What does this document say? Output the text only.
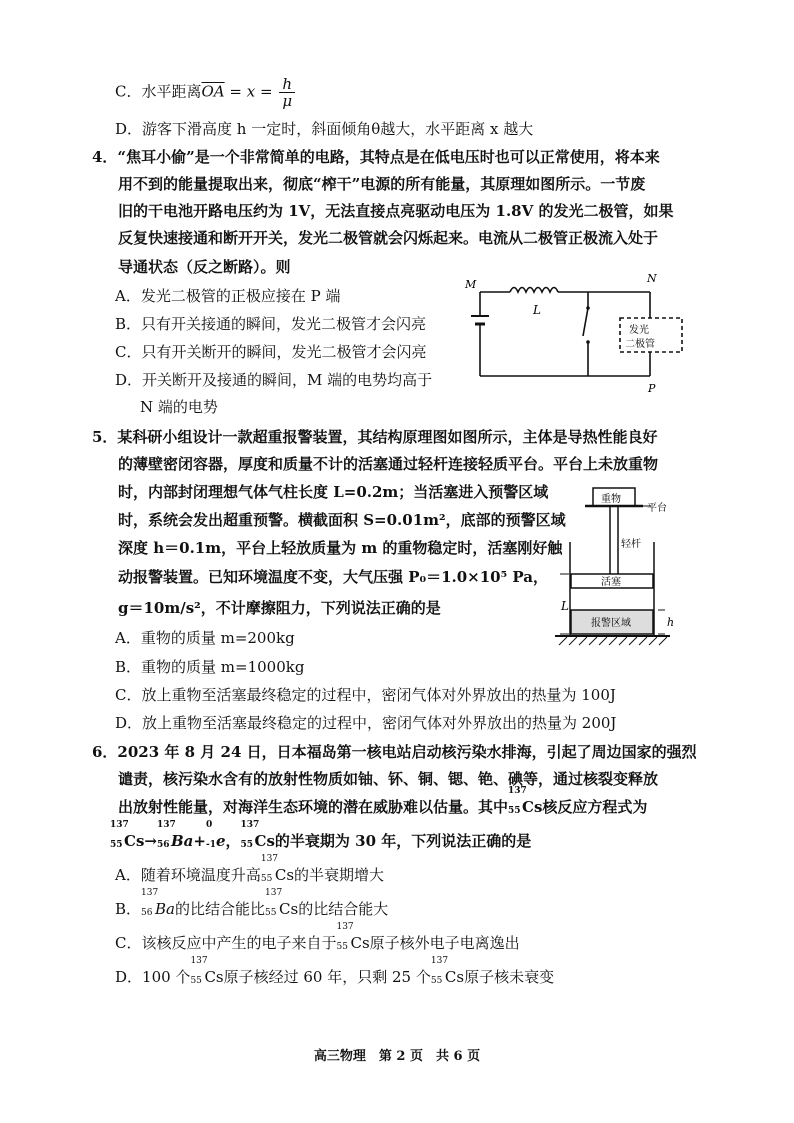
C．水平距离$\overline{OA} = x = \frac{h}{\mu}$
D．游客下滑高度 h 一定时，斜面倾角θ越大，水平距离 x 越大
4．“焦耳小偷”是一个非常简单的电路，其特点是在低电压时也可以正常使用，将本来
用不到的能量提取出来，彻底“榨干”电源的所有能量，其原理如图所示。一节废
旧的干电池开路电压约为 1V，无法直接点亮驱动电压为 1.8V 的发光二极管，如果
反复快速接通和断开开关，发光二极管就会闪烁起来。电流从二极管正极流入处于
导通状态（反之断路）。则
A．发光二极管的正极应接在 P 端
B．只有开关接通的瞬间，发光二极管才会闪亮
C．只有开关断开的瞬间，发光二极管才会闪亮
D．开关断开及接通的瞬间，M 端的电势均高于
N 端的电势
M	N
L
P
发光
二极管
5．某科研小组设计一款超重报警装置，其结构原理图如图所示，主体是导热性能良好
的薄壁密闭容器，厚度和质量不计的活塞通过轻杆连接轻质平台。平台上未放重物
时，内部封闭理想气体气柱长度 L=0.2m；当活塞进入预警区域
时，系统会发出超重预警。横截面积 S=0.01m²，底部的预警区域
深度 h＝0.1m，平台上轻放质量为 m 的重物稳定时，活塞刚好触
动报警装置。已知环境温度不变，大气压强 P₀＝1.0×10⁵ Pa，
g＝10m/s²，不计摩擦阻力，下列说法正确的是
A．重物的质量 m=200kg
B．重物的质量 m=1000kg
C．放上重物至活塞最终稳定的过程中，密闭气体对外界放出的热量为 100J
D．放上重物至活塞最终稳定的过程中，密闭气体对外界放出的热量为 200J
重物
平台
轻杆
活塞
报警区域
L
h
6．2023 年 8 月 24 日，日本福岛第一核电站启动核污染水排海，引起了周边国家的强烈
谴责，核污染水含有的放射性物质如铀、钚、铜、锶、铯、碘等，通过核裂变释放
出放射性能量，对海洋生态环境的潜在威胁难以估量。其中
137
55 Cs核反应方程式为
137
55 Cs→
137
56 Ba+
0
-1 e，
137
55 Cs的半衰期为 30 年，下列说法正确的是
A．随着环境温度升高
137
55 Cs的半衰期增大
B．
137
56 Ba的比结合能比
137
55 Cs的比结合能大
C．该核反应中产生的电子来自于
137
55 Cs原子核外电子电离逸出
D．100 个
137
55 Cs原子核经过 60 年，只剩 25 个
137
55 Cs原子核未衰变
高三物理　第 2 页　共 6 页
